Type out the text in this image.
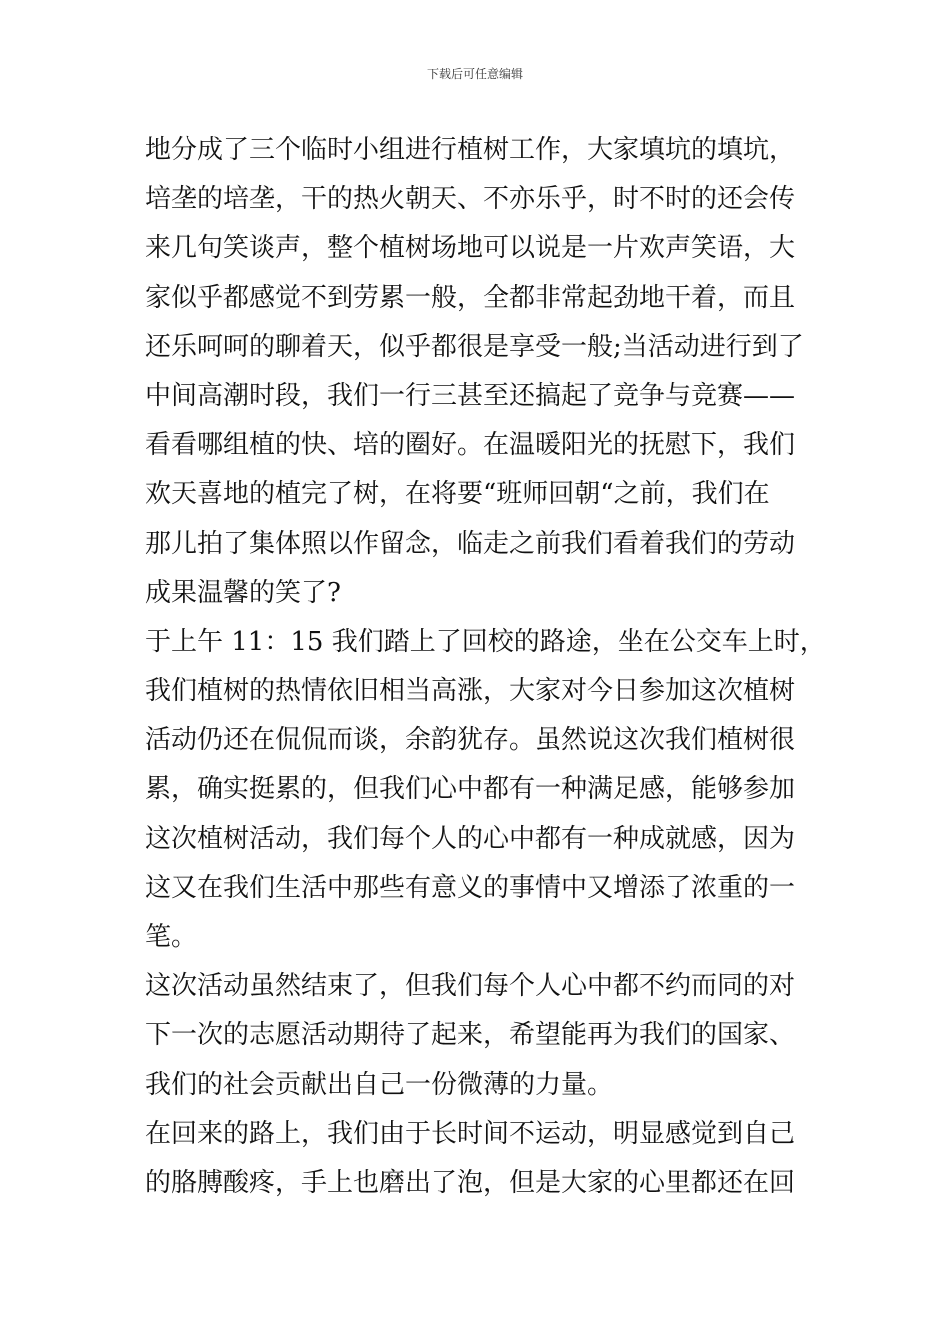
下载后可任意编辑

地分成了三个临时小组进行植树工作，大家填坑的填坑，
培垄的培垄，干的热火朝天、不亦乐乎，时不时的还会传
来几句笑谈声，整个植树场地可以说是一片欢声笑语，大
家似乎都感觉不到劳累一般，全都非常起劲地干着，而且
还乐呵呵的聊着天，似乎都很是享受一般;当活动进行到了
中间高潮时段，我们一行三甚至还搞起了竞争与竞赛——
看看哪组植的快、培的圈好。在温暖阳光的抚慰下，我们
欢天喜地的植完了树，在将要“班师回朝“之前，我们在
那儿拍了集体照以作留念，临走之前我们看着我们的劳动
成果温馨的笑了?

于上午 11：15 我们踏上了回校的路途，坐在公交车上时，
我们植树的热情依旧相当高涨，大家对今日参加这次植树
活动仍还在侃侃而谈，余韵犹存。虽然说这次我们植树很
累，确实挺累的，但我们心中都有一种满足感，能够参加
这次植树活动，我们每个人的心中都有一种成就感，因为
这又在我们生活中那些有意义的事情中又增添了浓重的一
笔。

这次活动虽然结束了，但我们每个人心中都不约而同的对
下一次的志愿活动期待了起来，希望能再为我们的国家、
我们的社会贡献出自己一份微薄的力量。

在回来的路上，我们由于长时间不运动，明显感觉到自己
的胳膊酸疼，手上也磨出了泡，但是大家的心里都还在回
